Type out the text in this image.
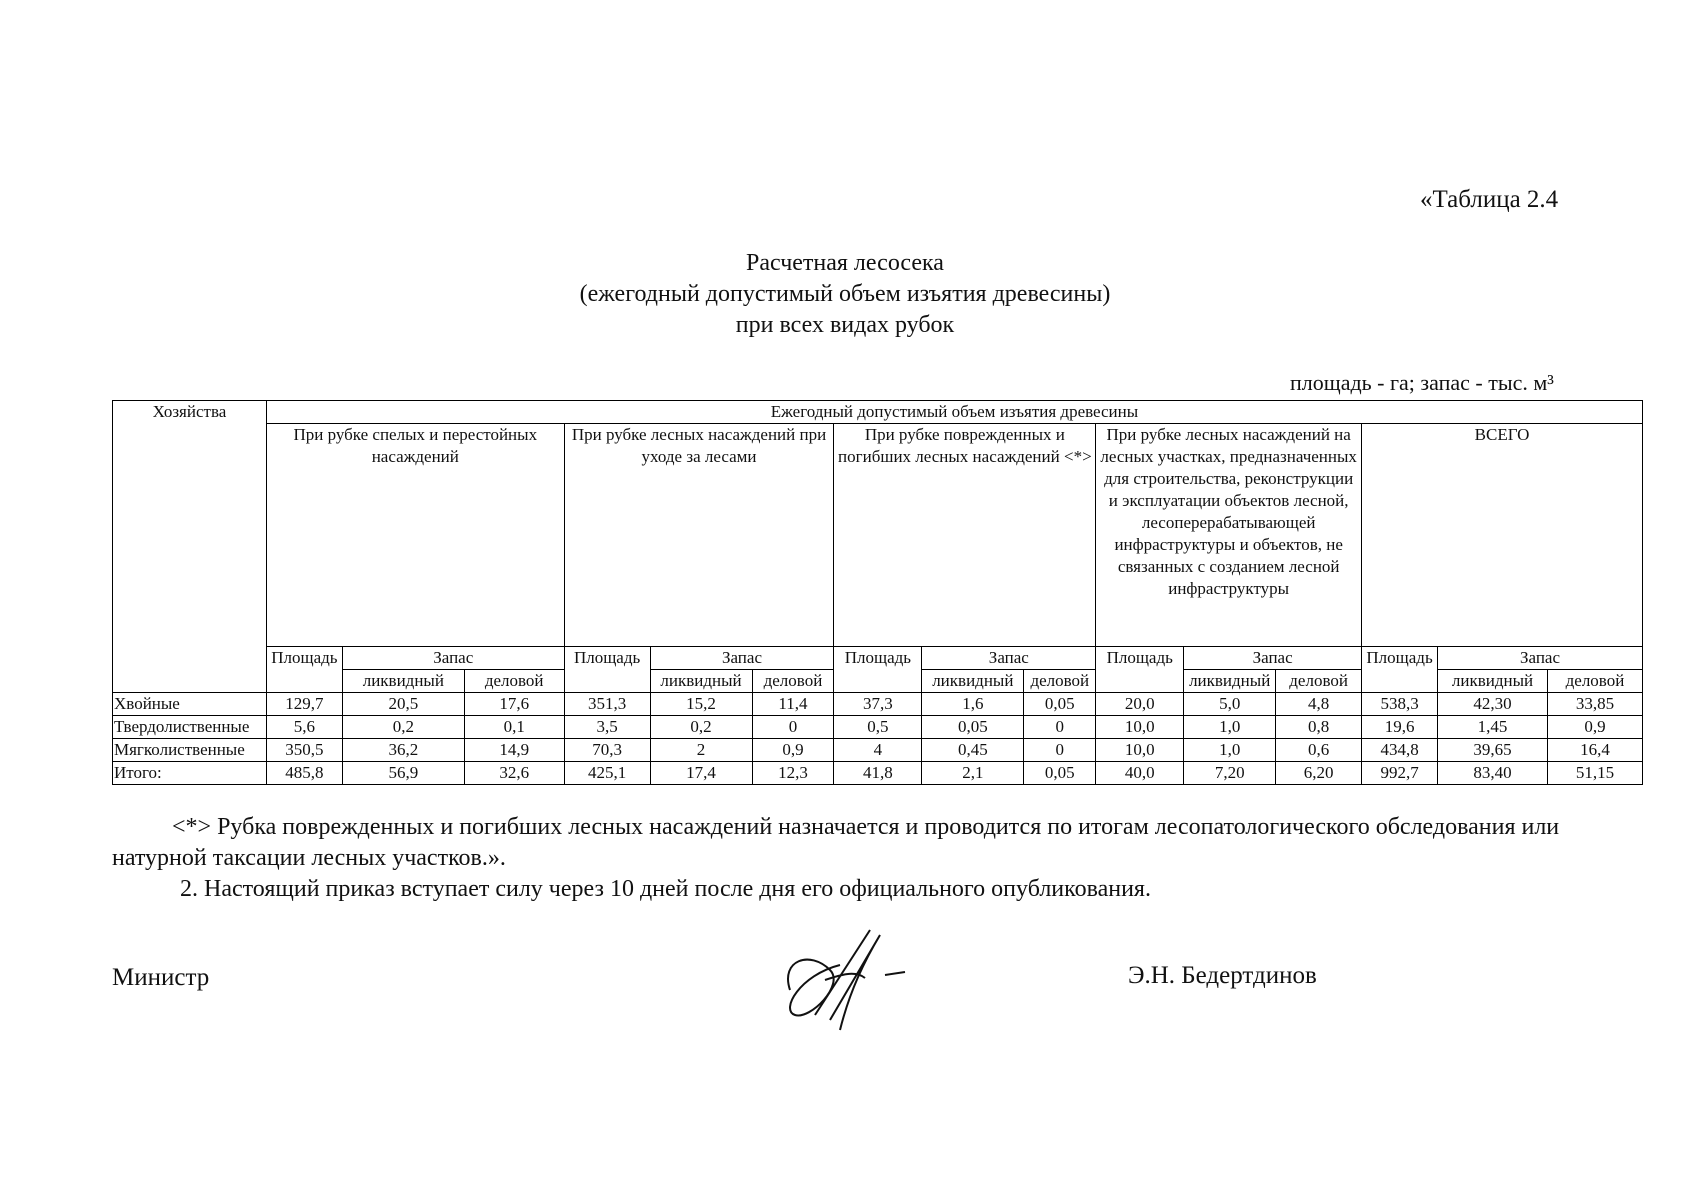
«Таблица 2.4
Расчетная лесосека
(ежегодный допустимый объем изъятия древесины)
при всех видах рубок
площадь - га; запас - тыс. м³
Хозяйства	Ежегодный допустимый объем изъятия древесины														
	При рубке спелых и перестойных насаждений			При рубке лесных насаждений при уходе за лесами			При рубке поврежденных и погибших лесных насаждений <*>			При рубке лесных насаждений на лесных участках, предназначенных для строительства, реконструкции и эксплуатации объектов лесной, лесоперерабатывающей инфраструктуры и объектов, не связанных с созданием лесной инфраструктуры			ВСЕГО		
	Площадь	Запас		Площадь	Запас		Площадь	Запас		Площадь	Запас		Площадь	Запас	
		ликвидный	деловой		ликвидный	деловой		ликвидный	деловой		ликвидный	деловой		ликвидный	деловой
Хвойные	129,7	20,5	17,6	351,3	15,2	11,4	37,3	1,6	0,05	20,0	5,0	4,8	538,3	42,30	33,85
Твердолиственные	5,6	0,2	0,1	3,5	0,2	0	0,5	0,05	0	10,0	1,0	0,8	19,6	1,45	0,9
Мягколиственные	350,5	36,2	14,9	70,3	2	0,9	4	0,45	0	10,0	1,0	0,6	434,8	39,65	16,4
Итого:	485,8	56,9	32,6	425,1	17,4	12,3	41,8	2,1	0,05	40,0	7,20	6,20	992,7	83,40	51,15
<*> Рубка поврежденных и погибших лесных насаждений назначается и проводится по итогам лесопатологического обследования или натурной таксации лесных участков.».
2. Настоящий приказ вступает силу через 10 дней после дня его официального опубликования.
Министр	Э.Н. Бедертдинов
